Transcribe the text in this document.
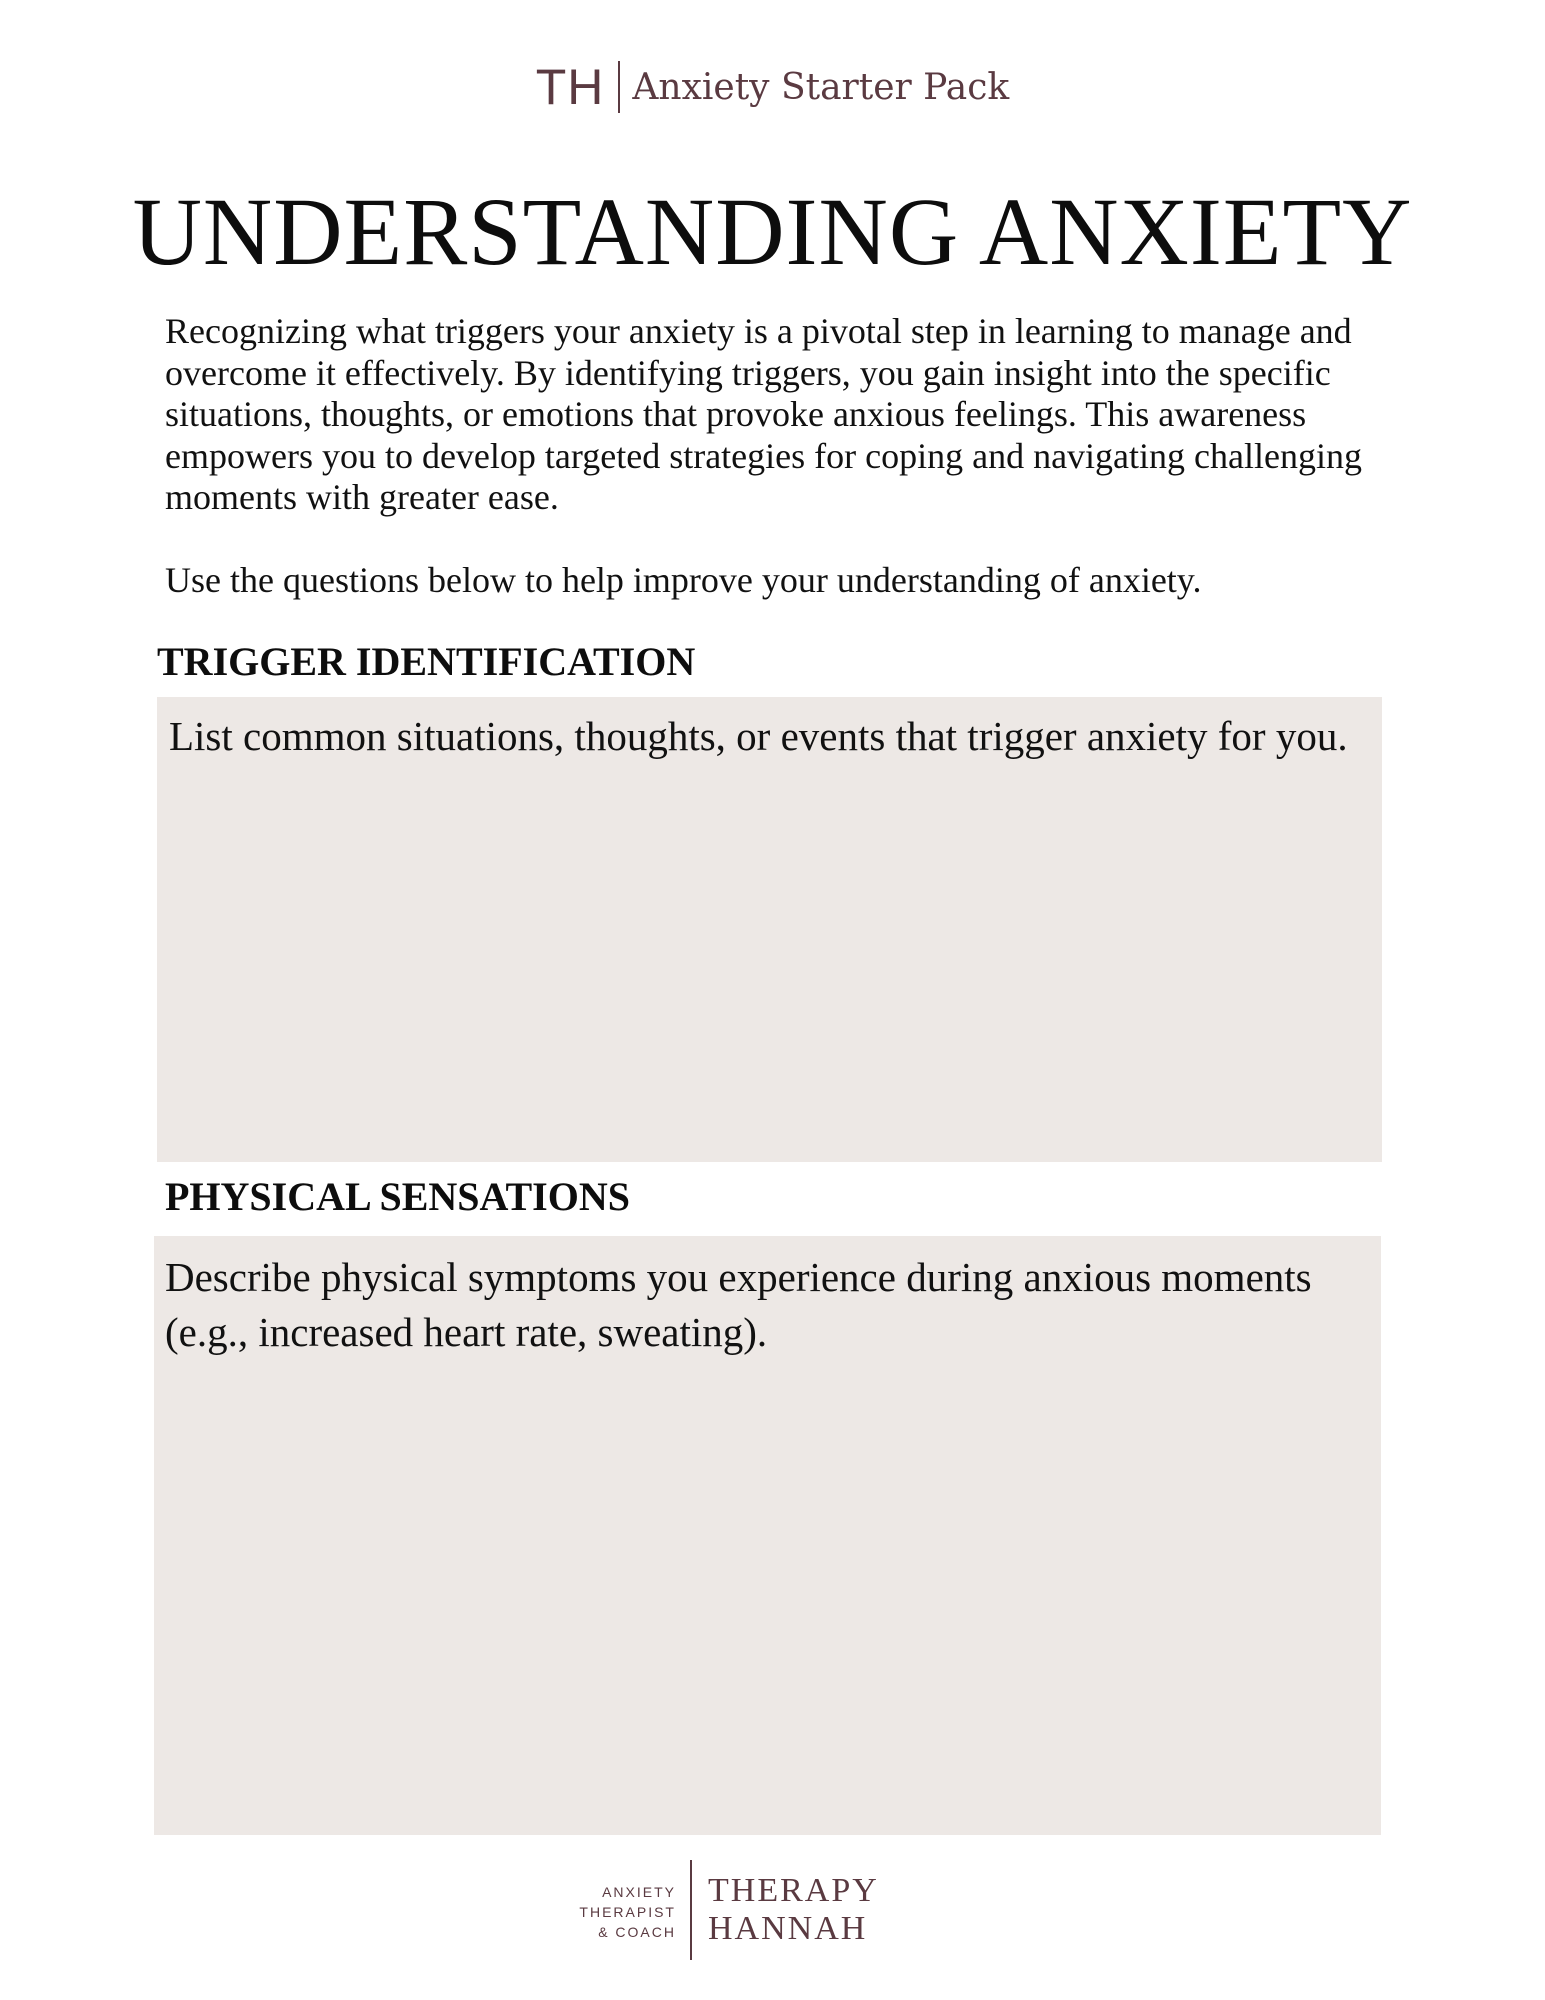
TH Anxiety Starter Pack
UNDERSTANDING ANXIETY

Recognizing what triggers your anxiety is a pivotal step in learning to manage and overcome it effectively. By identifying triggers, you gain insight into the specific situations, thoughts, or emotions that provoke anxious feelings. This awareness empowers you to develop targeted strategies for coping and navigating challenging moments with greater ease.

Use the questions below to help improve your understanding of anxiety.

TRIGGER IDENTIFICATION

List common situations, thoughts, or events that trigger anxiety for you.

PHYSICAL SENSATIONS

Describe physical symptoms you experience during anxious moments (e.g., increased heart rate, sweating).

ANXIETY
THERAPIST
& COACH
THERAPY
HANNAH
